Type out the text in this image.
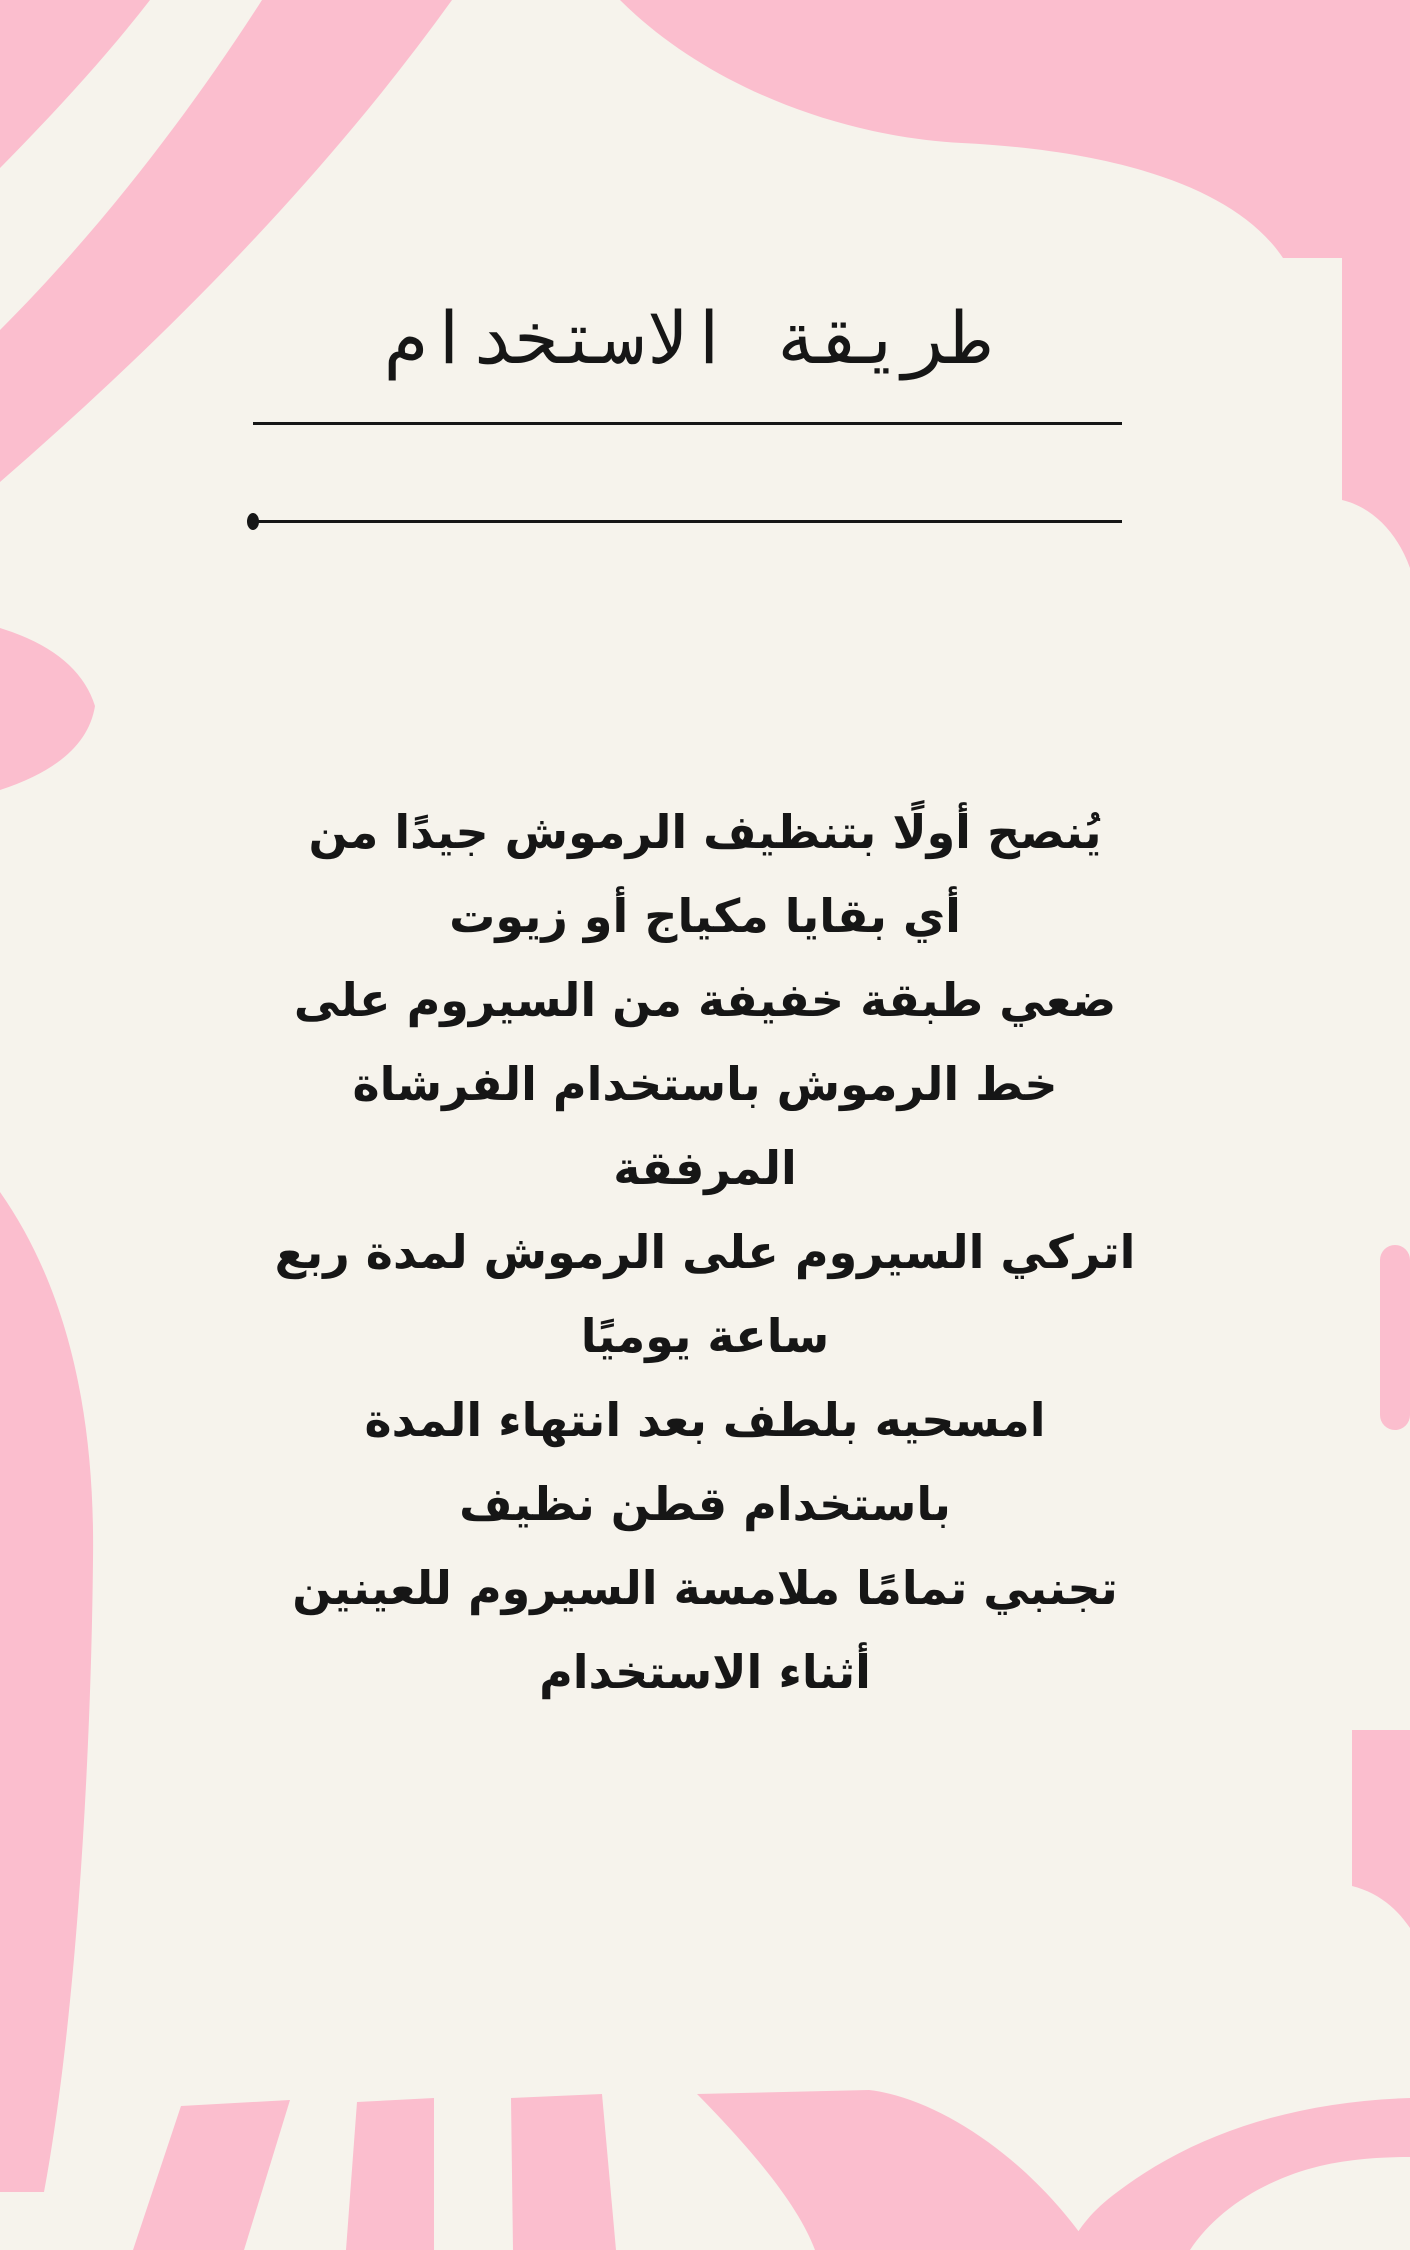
طريقة الاستخدام
يُنصح أولًا بتنظيف الرموش جيدًا من
أي بقايا مكياج أو زيوت
ضعي طبقة خفيفة من السيروم على
خط الرموش باستخدام الفرشاة
المرفقة
اتركي السيروم على الرموش لمدة ربع
ساعة يوميًا
امسحيه بلطف بعد انتهاء المدة
باستخدام قطن نظيف
تجنبي تمامًا ملامسة السيروم للعينين
أثناء الاستخدام
